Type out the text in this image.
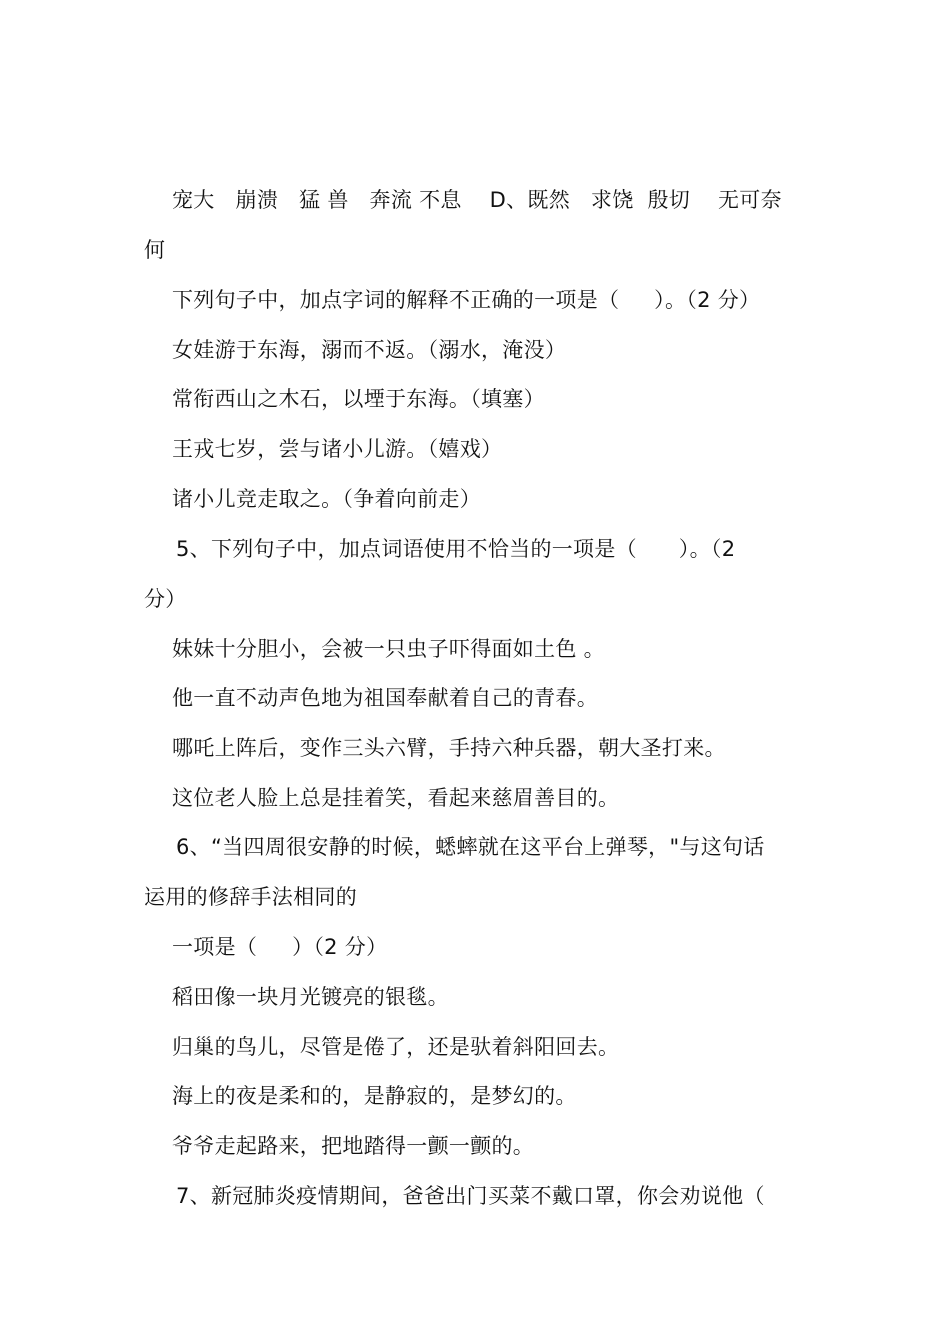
宠大   崩溃   猛 兽   奔流 不息    D、既然   求饶  殷切    无可奈
何
下列句子中，加点字词的解释不正确的一项是（     ）。（2 分）
女娃游于东海，溺而不返。（溺水，淹没）
常衔西山之木石，以堙于东海。（填塞）
王戎七岁，尝与诸小儿游。（嬉戏）
诸小儿竞走取之。（争着向前走）
5、下列句子中，加点词语使用不恰当的一项是（      ）。（2
分）
妹妹十分胆小，会被一只虫子吓得面如土色 。
他一直不动声色地为祖国奉献着自己的青春。
哪吒上阵后，变作三头六臂，手持六种兵器，朝大圣打来。
这位老人脸上总是挂着笑，看起来慈眉善目的。
6、“当四周很安静的时候，蟋蟀就在这平台上弹琴，"与这句话
运用的修辞手法相同的
一项是（     ）（2 分）
稻田像一块月光镀亮的银毯。
归巢的鸟儿，尽管是倦了，还是驮着斜阳回去。
海上的夜是柔和的，是静寂的，是梦幻的。
爷爷走起路来，把地踏得一颤一颤的。
7、新冠肺炎疫情期间，爸爸出门买菜不戴口罩，你会劝说他（
